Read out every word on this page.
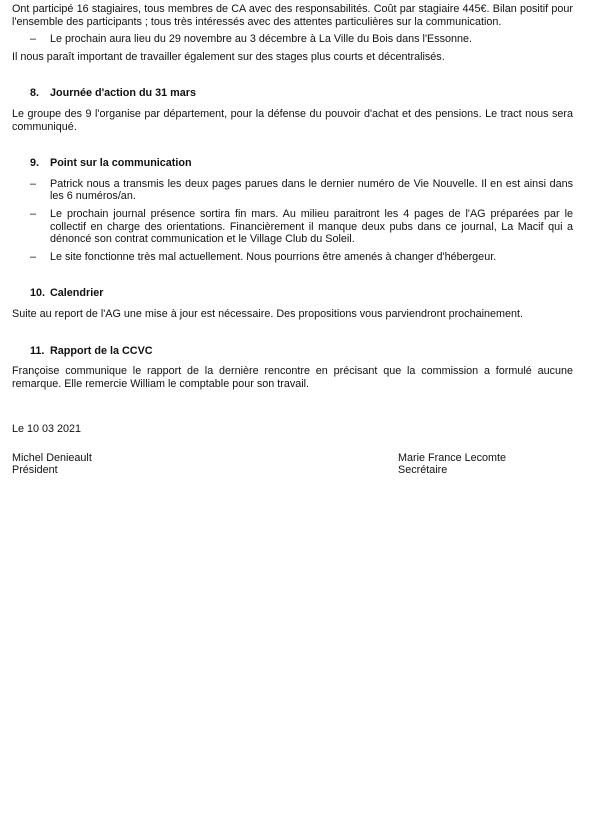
Ont participé 16 stagiaires, tous membres de CA avec des responsabilités. Coût par stagiaire 445€. Bilan positif pour l'ensemble des participants ; tous très intéressés avec des attentes particulières sur la communication.

– Le prochain aura lieu du 29 novembre au 3 décembre à La Ville du Bois dans l'Essonne.

Il nous paraît important de travailler également sur des stages plus courts et décentralisés.

8.	Journée d'action du 31 mars

Le groupe des 9 l'organise par département, pour la défense du pouvoir d'achat et des pensions. Le tract nous sera communiqué.

9.	Point sur la communication
– Patrick nous a transmis les deux pages parues dans le dernier numéro de Vie Nouvelle. Il en est ainsi dans les 6 numéros/an.
– Le prochain journal présence sortira fin mars. Au milieu paraitront les 4 pages de l'AG préparées par le collectif en charge des orientations. Financièrement il manque deux pubs dans ce journal, La Macif qui a dénoncé son contrat communication et le Village Club du Soleil.
– Le site fonctionne très mal actuellement. Nous pourrions être amenés à changer d'hébergeur.
10. Calendrier

Suite au report de l'AG une mise à jour est nécessaire. Des propositions vous parviendront prochainement.

11. Rapport de la CCVC

Françoise communique le rapport de la dernière rencontre en précisant que la commission a formulé aucune remarque. Elle remercie William le comptable pour son travail.

Le 10 03 2021
Michel Denieault
Président
Marie France Lecomte
Secrétaire
